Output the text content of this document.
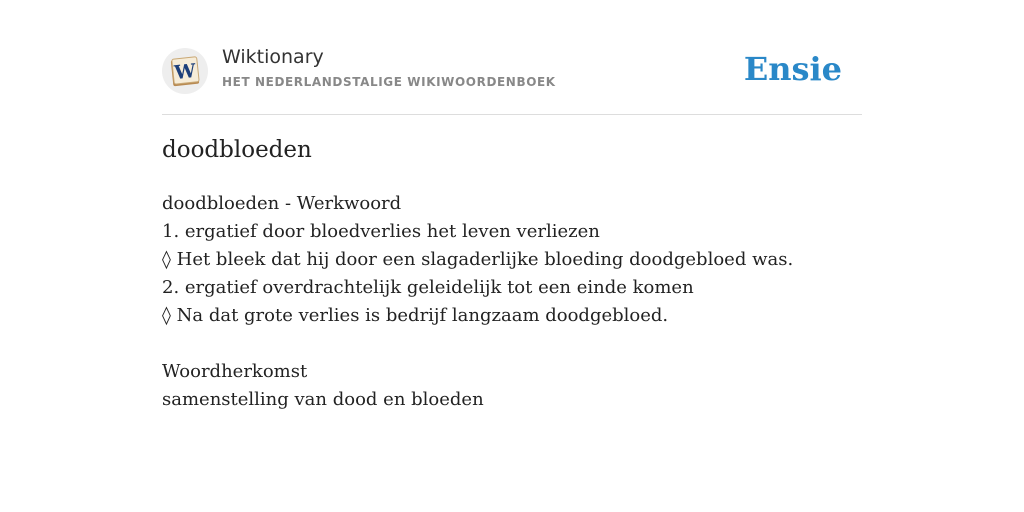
W
Wiktionary
HET NEDERLANDSTALIGE WIKIWOORDENBOEK	Ensie
doodbloeden
doodbloeden - Werkwoord
1. ergatief door bloedverlies het leven verliezen
◊ Het bleek dat hij door een slagaderlijke bloeding doodgebloed was.
2. ergatief overdrachtelijk geleidelijk tot een einde komen
◊ Na dat grote verlies is bedrijf langzaam doodgebloed.
Woordherkomst
samenstelling van dood en bloeden
